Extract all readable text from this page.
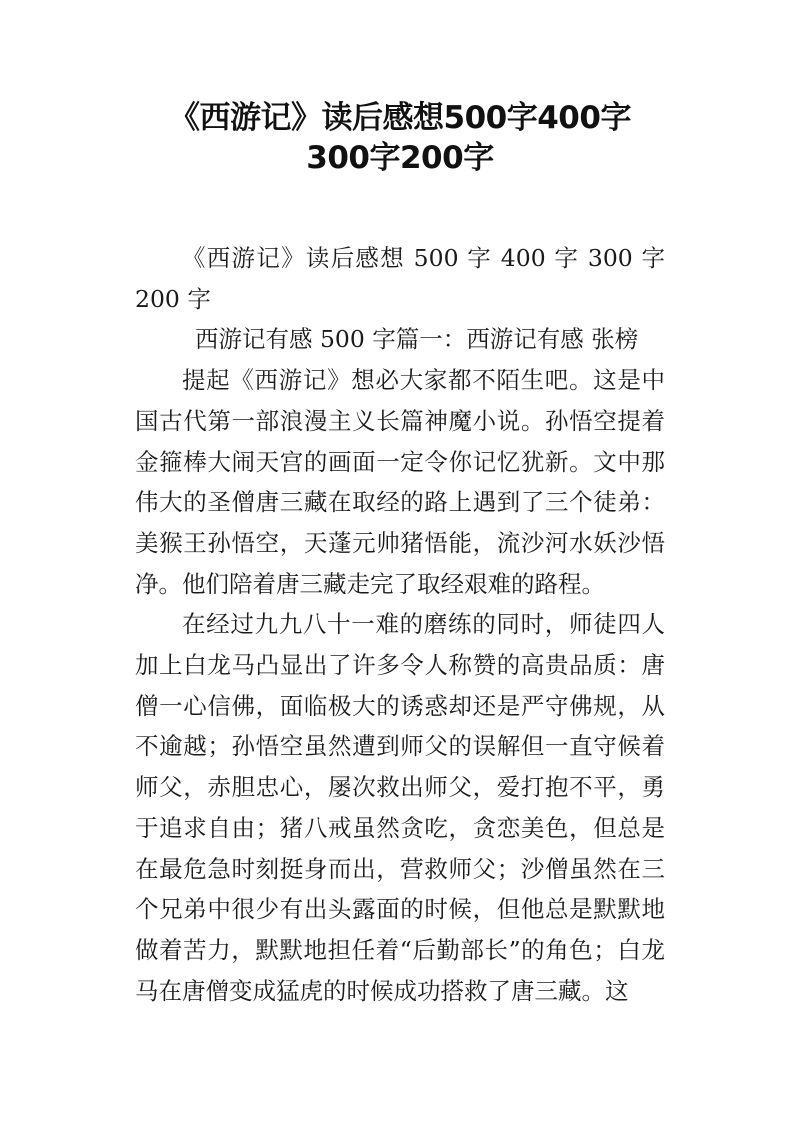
《西游记》读后感想500字400字
300字200字

《西游记》读后感想 500 字 400 字 300 字 200 字

西游记有感 500 字篇一：西游记有感 张榜

提起《西游记》想必大家都不陌生吧。这是中国古代第一部浪漫主义长篇神魔小说。孙悟空提着金箍棒大闹天宫的画面一定令你记忆犹新。文中那伟大的圣僧唐三藏在取经的路上遇到了三个徒弟：美猴王孙悟空，天蓬元帅猪悟能，流沙河水妖沙悟净。他们陪着唐三藏走完了取经艰难的路程。

在经过九九八十一难的磨练的同时，师徒四人加上白龙马凸显出了许多令人称赞的高贵品质：唐僧一心信佛，面临极大的诱惑却还是严守佛规，从不逾越；孙悟空虽然遭到师父的误解但一直守候着师父，赤胆忠心，屡次救出师父，爱打抱不平，勇于追求自由；猪八戒虽然贪吃，贪恋美色，但总是在最危急时刻挺身而出，营救师父；沙僧虽然在三个兄弟中很少有出头露面的时候，但他总是默默地做着苦力，默默地担任着“后勤部长”的角色；白龙马在唐僧变成猛虎的时候成功搭救了唐三藏。这
